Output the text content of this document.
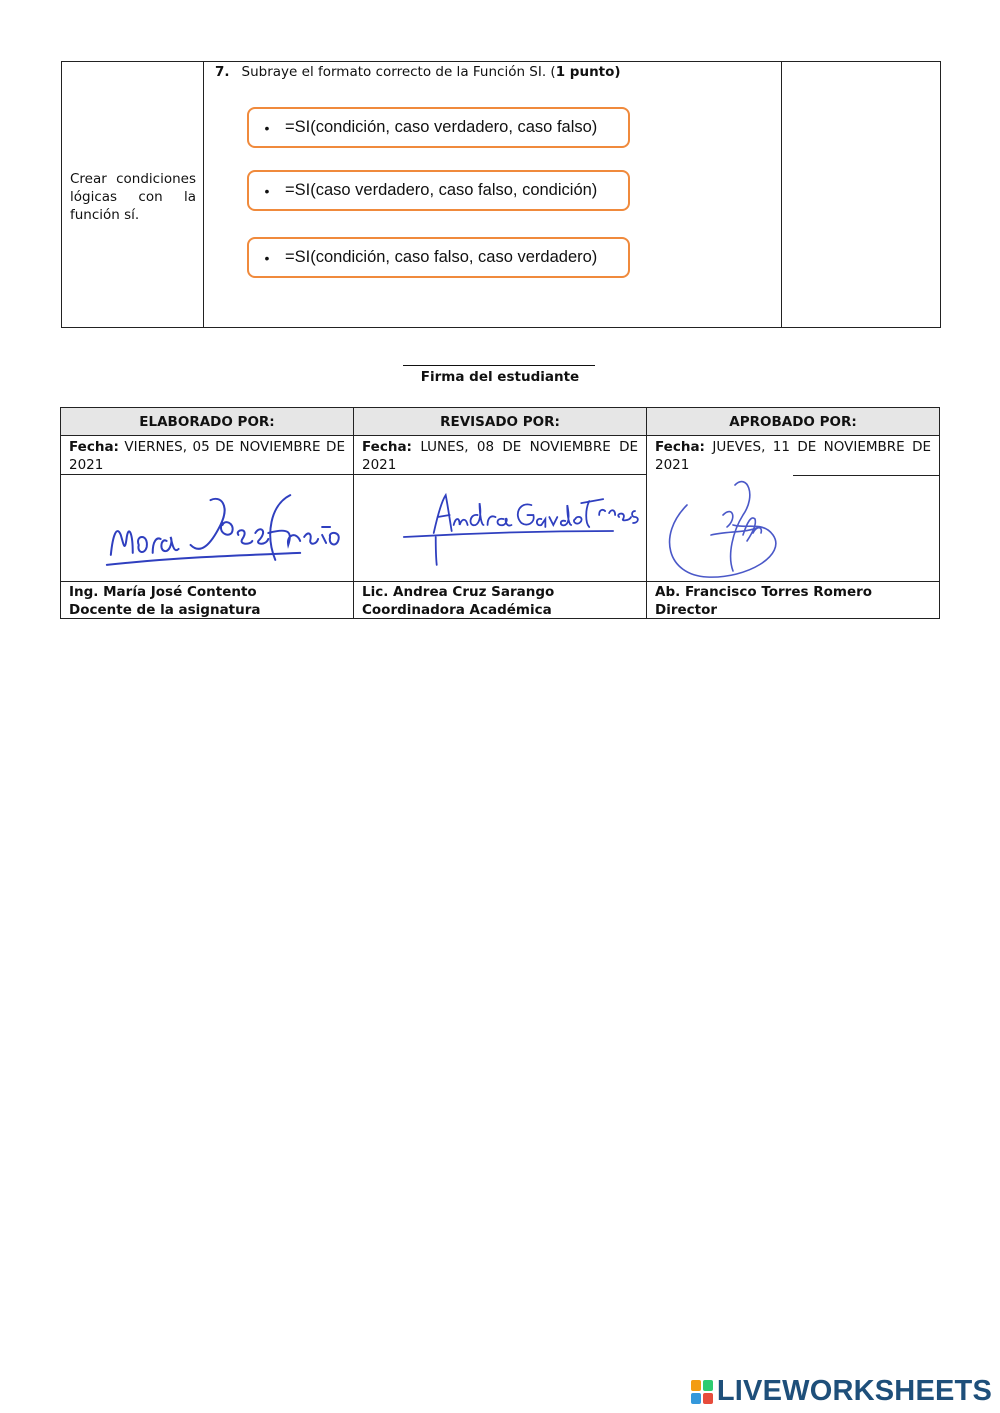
Crear condiciones lógicas con la función sí.
7. Subraye el formato correcto de la Función SI. (1 punto)
• =SI(condición, caso verdadero, caso falso)
• =SI(caso verdadero, caso falso, condición)
• =SI(condición, caso falso, caso verdadero)
Firma del estudiante
ELABORADO POR:
Fecha: VIERNES, 05 DE NOVIEMBRE DE 2021
Ing. María José Contento
Docente de la asignatura
REVISADO POR:
Fecha: LUNES, 08 DE NOVIEMBRE DE 2021
Lic. Andrea Cruz Sarango
Coordinadora Académica
APROBADO POR:
Fecha: JUEVES, 11 DE NOVIEMBRE DE 2021
Ab. Francisco Torres Romero
Director
LIVEWORKSHEETS
